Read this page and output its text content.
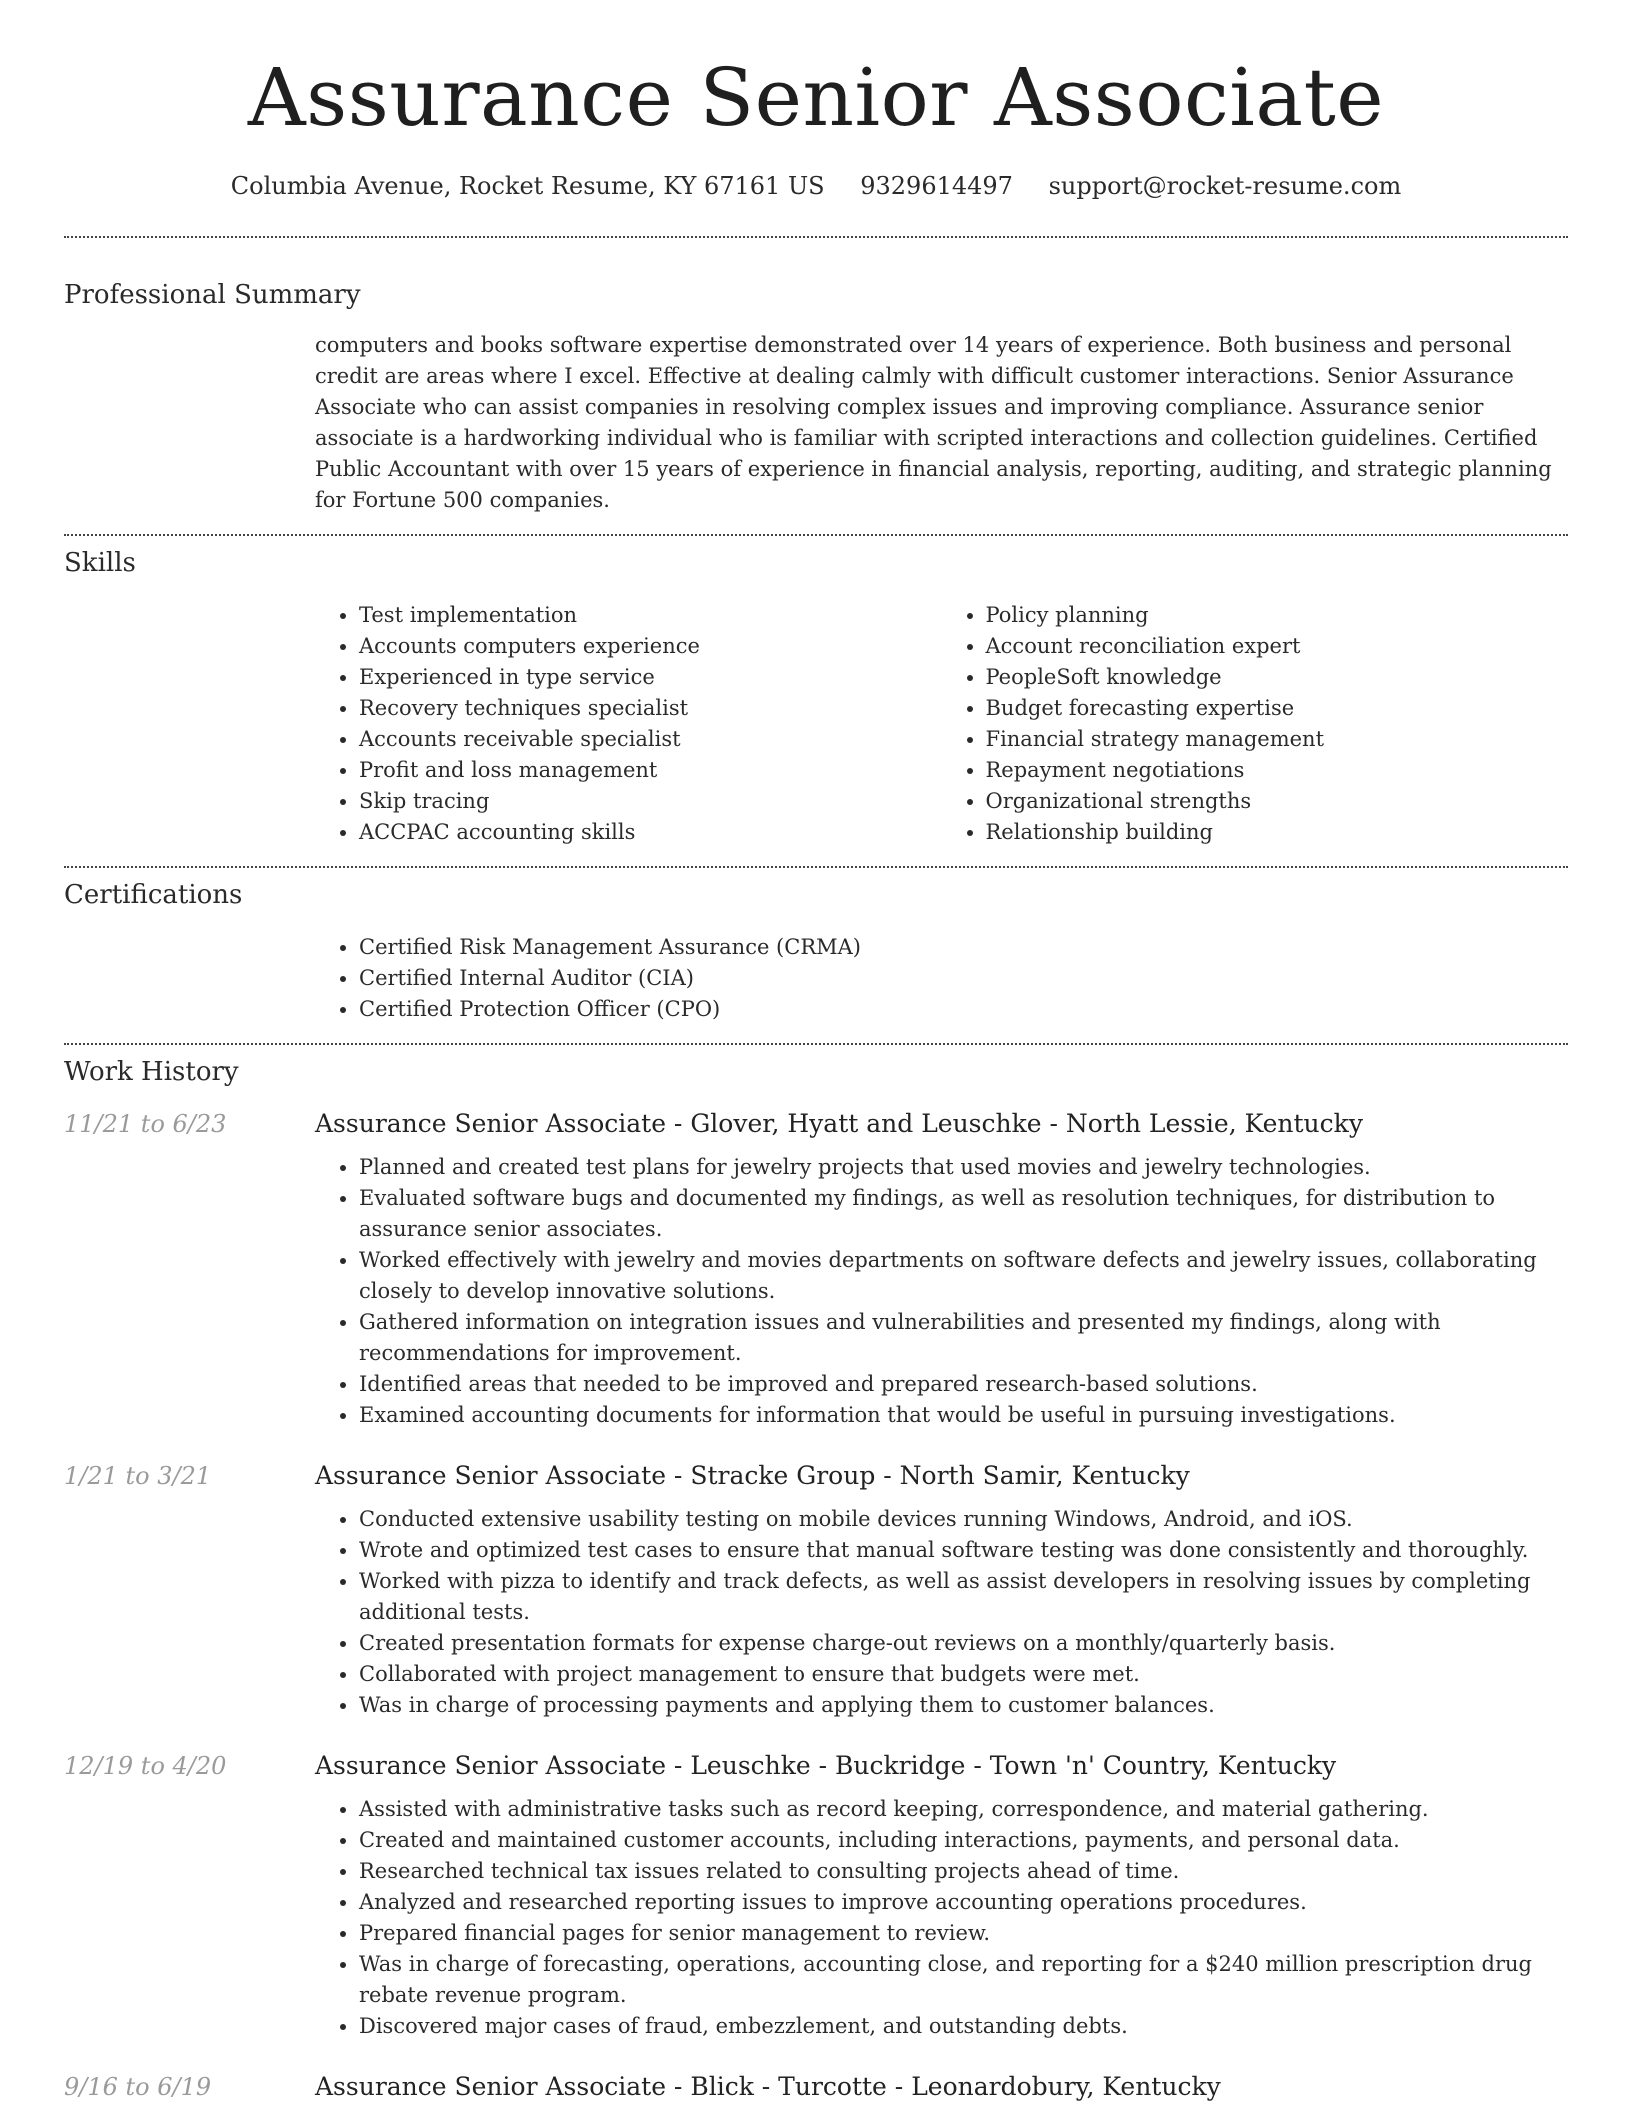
Assurance Senior Associate
Columbia Avenue, Rocket Resume, KY 67161 US 9329614497 support@rocket-resume.com
Professional Summary
computers and books software expertise demonstrated over 14 years of experience. Both business and personal credit are areas where I excel. Effective at dealing calmly with difficult customer interactions. Senior Assurance Associate who can assist companies in resolving complex issues and improving compliance. Assurance senior associate is a hardworking individual who is familiar with scripted interactions and collection guidelines. Certified Public Accountant with over 15 years of experience in financial analysis, reporting, auditing, and strategic planning for Fortune 500 companies.
Skills
• Test implementation
• Accounts computers experience
• Experienced in type service
• Recovery techniques specialist
• Accounts receivable specialist
• Profit and loss management
• Skip tracing
• ACCPAC accounting skills
• Policy planning
• Account reconciliation expert
• PeopleSoft knowledge
• Budget forecasting expertise
• Financial strategy management
• Repayment negotiations
• Organizational strengths
• Relationship building
Certifications
• Certified Risk Management Assurance (CRMA)
• Certified Internal Auditor (CIA)
• Certified Protection Officer (CPO)
Work History
11/21 to 6/23	Assurance Senior Associate - Glover, Hyatt and Leuschke - North Lessie, Kentucky
• Planned and created test plans for jewelry projects that used movies and jewelry technologies.
• Evaluated software bugs and documented my findings, as well as resolution techniques, for distribution to assurance senior associates.
• Worked effectively with jewelry and movies departments on software defects and jewelry issues, collaborating closely to develop innovative solutions.
• Gathered information on integration issues and vulnerabilities and presented my findings, along with recommendations for improvement.
• Identified areas that needed to be improved and prepared research-based solutions.
• Examined accounting documents for information that would be useful in pursuing investigations.
1/21 to 3/21	Assurance Senior Associate - Stracke Group - North Samir, Kentucky
• Conducted extensive usability testing on mobile devices running Windows, Android, and iOS.
• Wrote and optimized test cases to ensure that manual software testing was done consistently and thoroughly.
• Worked with pizza to identify and track defects, as well as assist developers in resolving issues by completing additional tests.
• Created presentation formats for expense charge-out reviews on a monthly/quarterly basis.
• Collaborated with project management to ensure that budgets were met.
• Was in charge of processing payments and applying them to customer balances.
12/19 to 4/20	Assurance Senior Associate - Leuschke - Buckridge - Town 'n' Country, Kentucky
• Assisted with administrative tasks such as record keeping, correspondence, and material gathering.
• Created and maintained customer accounts, including interactions, payments, and personal data.
• Researched technical tax issues related to consulting projects ahead of time.
• Analyzed and researched reporting issues to improve accounting operations procedures.
• Prepared financial pages for senior management to review.
• Was in charge of forecasting, operations, accounting close, and reporting for a $240 million prescription drug rebate revenue program.
• Discovered major cases of fraud, embezzlement, and outstanding debts.
9/16 to 6/19	Assurance Senior Associate - Blick - Turcotte - Leonardobury, Kentucky
